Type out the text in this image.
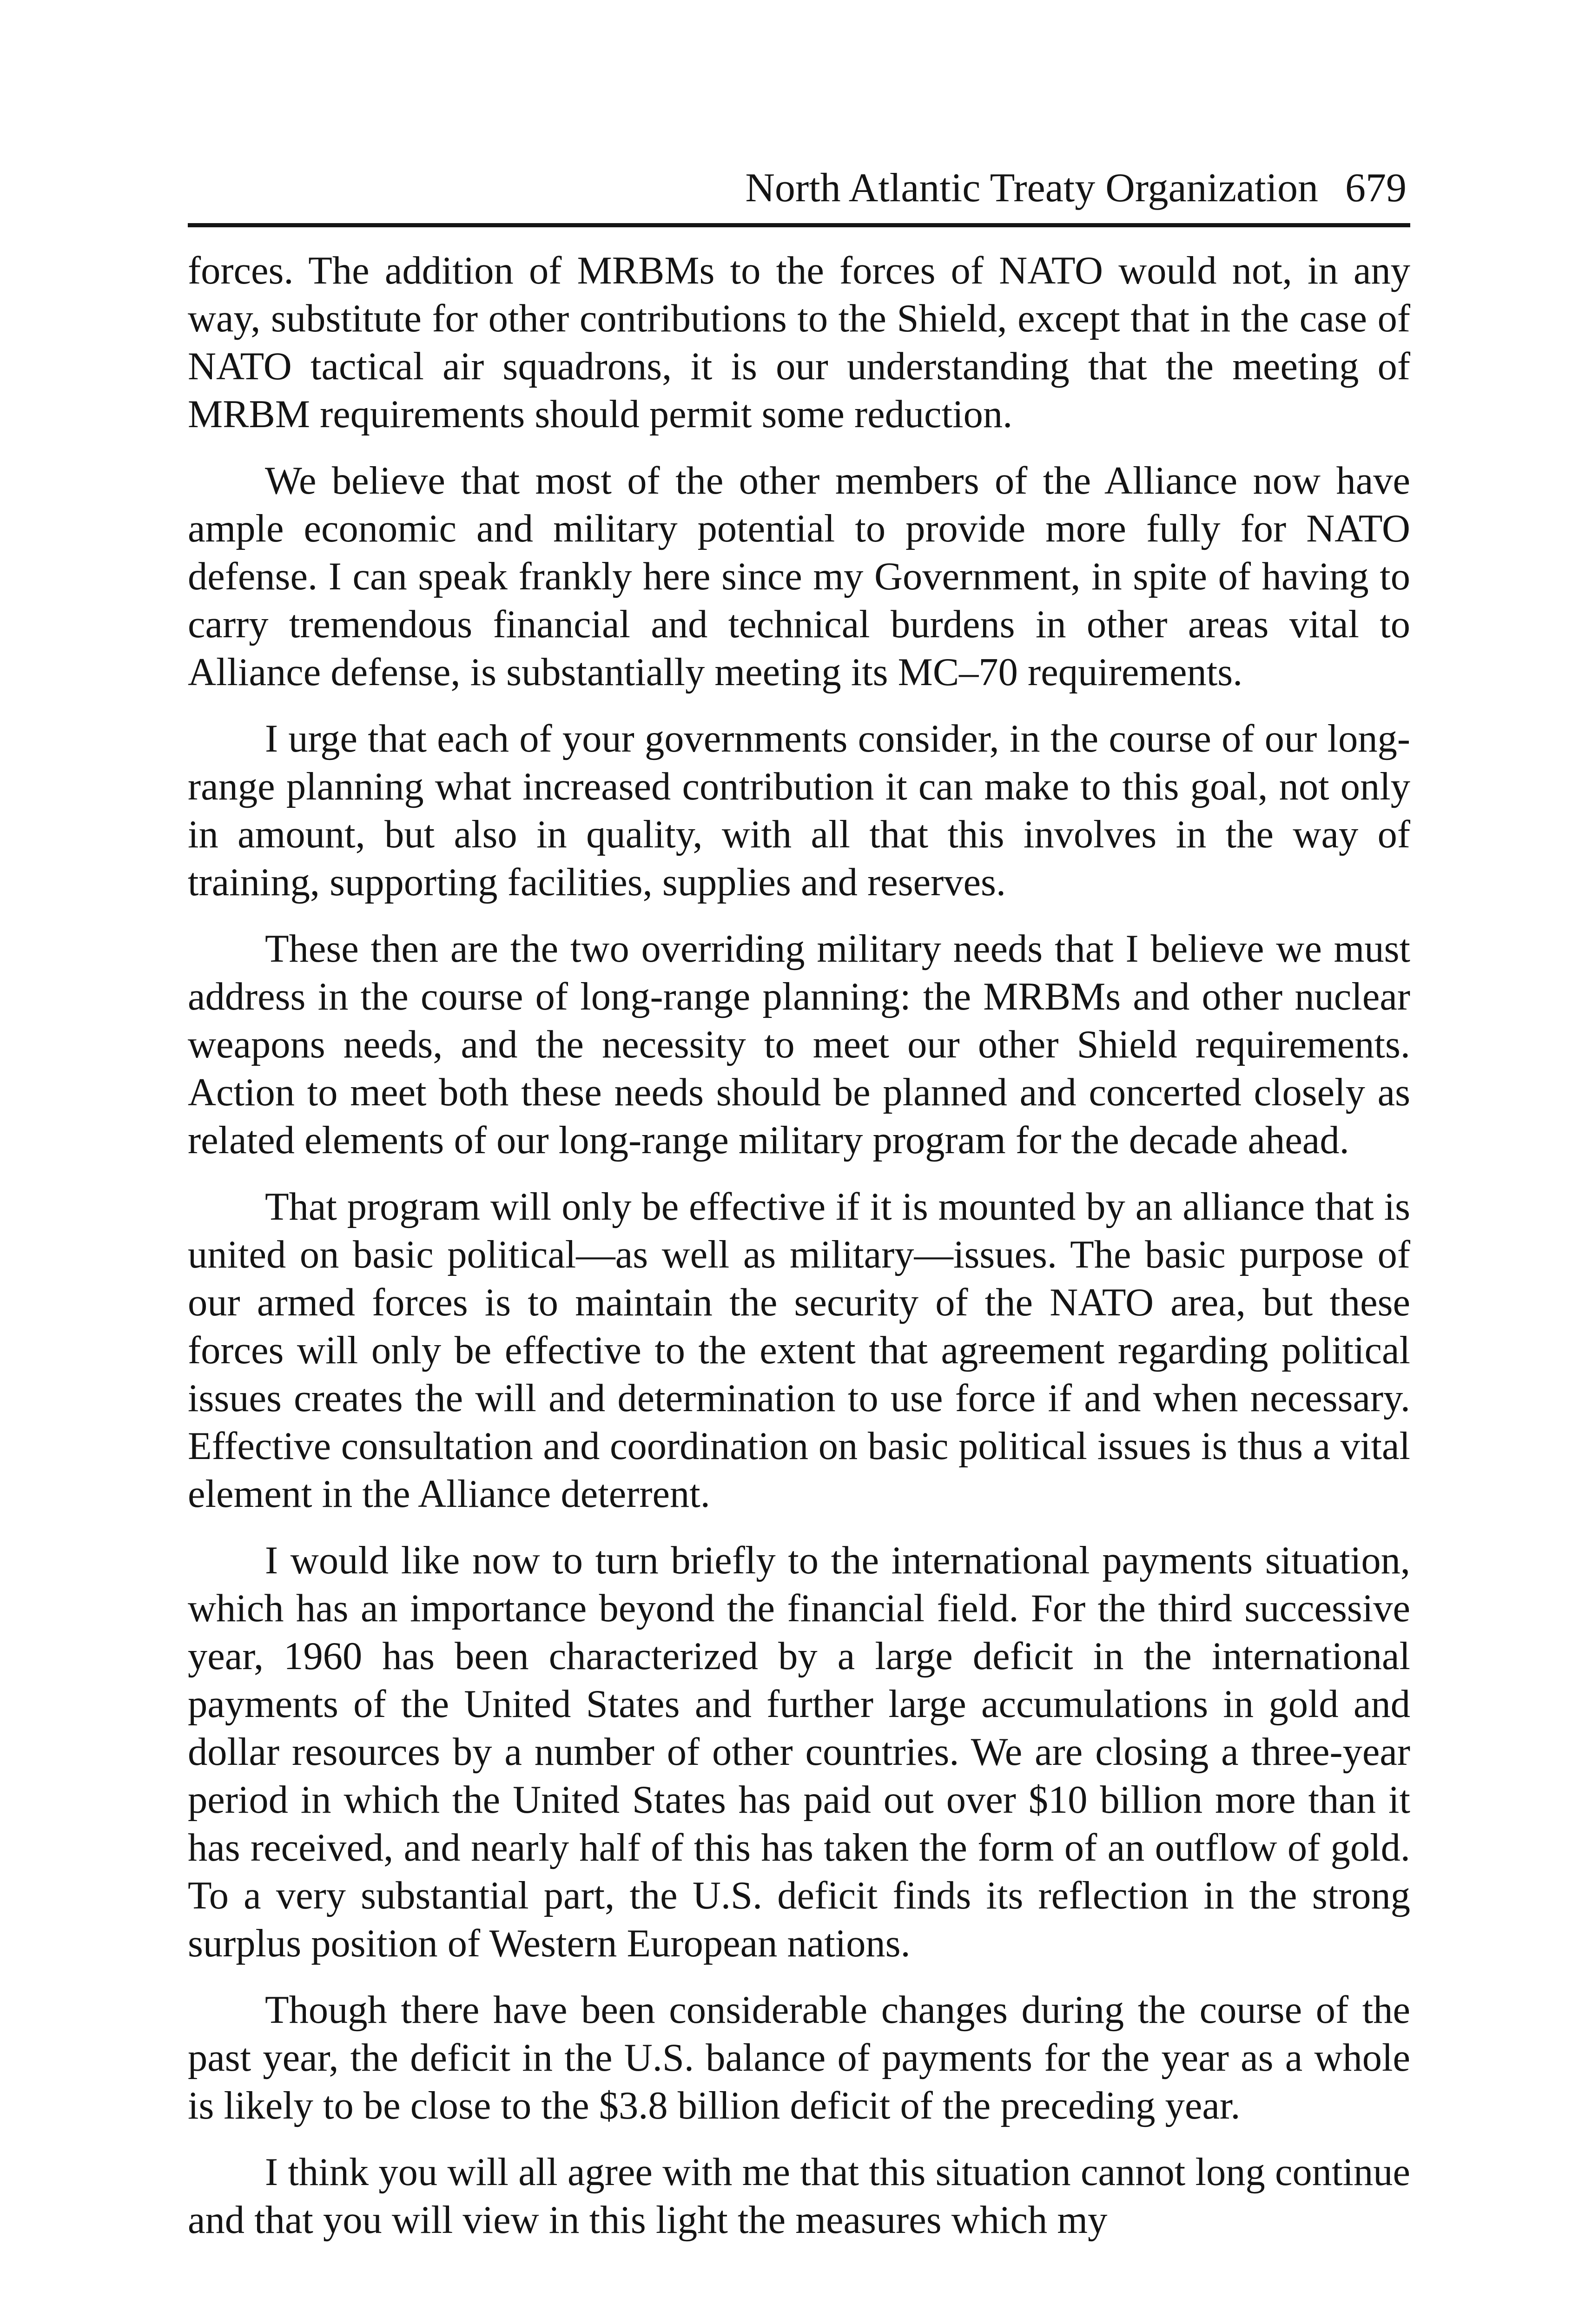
North Atlantic Treaty Organization 679

forces. The addition of MRBMs to the forces of NATO would not, in any way, substitute for other contributions to the Shield, except that in the case of NATO tactical air squadrons, it is our understanding that the meeting of MRBM requirements should permit some reduction.

We believe that most of the other members of the Alliance now have ample economic and military potential to provide more fully for NATO defense. I can speak frankly here since my Government, in spite of having to carry tremendous financial and technical burdens in other areas vital to Alliance defense, is substantially meeting its MC–70 requirements.

I urge that each of your governments consider, in the course of our long-range planning what increased contribution it can make to this goal, not only in amount, but also in quality, with all that this involves in the way of training, supporting facilities, supplies and reserves.

These then are the two overriding military needs that I believe we must address in the course of long-range planning: the MRBMs and other nuclear weapons needs, and the necessity to meet our other Shield requirements. Action to meet both these needs should be planned and concerted closely as related elements of our long-range military program for the decade ahead.

That program will only be effective if it is mounted by an alliance that is united on basic political—as well as military—issues. The basic purpose of our armed forces is to maintain the security of the NATO area, but these forces will only be effective to the extent that agreement regarding political issues creates the will and determination to use force if and when necessary. Effective consultation and coordination on basic political issues is thus a vital element in the Alliance deterrent.

I would like now to turn briefly to the international payments situation, which has an importance beyond the financial field. For the third successive year, 1960 has been characterized by a large deficit in the international payments of the United States and further large accumulations in gold and dollar resources by a number of other countries. We are closing a three-year period in which the United States has paid out over $10 billion more than it has received, and nearly half of this has taken the form of an outflow of gold. To a very substantial part, the U.S. deficit finds its reflection in the strong surplus position of Western European nations.

Though there have been considerable changes during the course of the past year, the deficit in the U.S. balance of payments for the year as a whole is likely to be close to the $3.8 billion deficit of the preceding year.

I think you will all agree with me that this situation cannot long continue and that you will view in this light the measures which my
